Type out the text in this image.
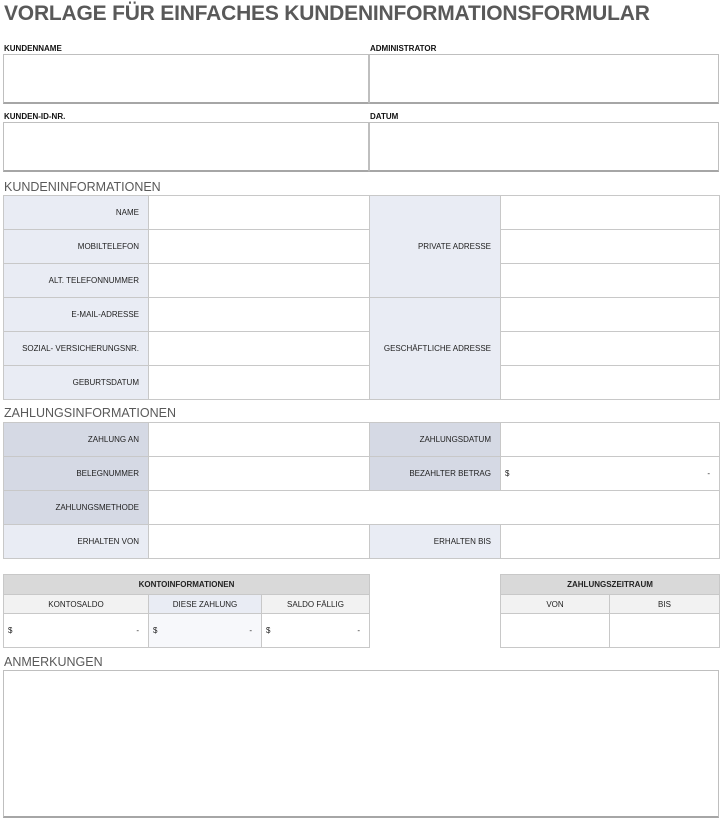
VORLAGE FÜR EINFACHES KUNDENINFORMATIONSFORMULAR
KUNDENNAME	ADMINISTRATOR
KUNDEN-ID-NR.	DATUM
KUNDENINFORMATIONEN
NAME		PRIVATE ADRESSE	
MOBILTELEFON			
ALT. TELEFONNUMMER			
E-MAIL-ADRESSE		GESCHÄFTLICHE ADRESSE	
SOZIAL- VERSICHERUNGSNR.			
GEBURTSDATUM			
ZAHLUNGSINFORMATIONEN
ZAHLUNG AN		ZAHLUNGSDATUM	
BELEGNUMMER		BEZAHLTER BETRAG	$ -

ZAHLUNGSMETHODE			
ERHALTEN VON		ERHALTEN BIS	
KONTOINFORMATIONEN		
KONTOSALDO	DIESE ZAHLUNG	SALDO FÄLLIG

$ -	$ -	$ -
ZAHLUNGSZEITRAUM	
VON	BIS

ANMERKUNGEN
